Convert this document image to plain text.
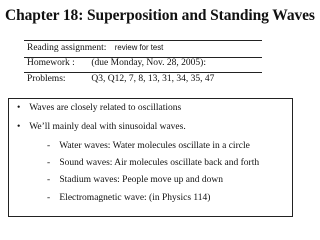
Chapter 18: Superposition and Standing Waves
Reading assignment: review for test
Homework : (due Monday, Nov. 28, 2005):
Problems:	Q3, Q12, 7, 8, 13, 31, 34, 35, 47
• Waves are closely related to oscillations
• We’ll mainly deal with sinusoidal waves.
- Water waves: Water molecules oscillate in a circle
- Sound waves: Air molecules oscillate back and forth
- Stadium waves: People move up and down
- Electromagnetic wave: (in Physics 114)
